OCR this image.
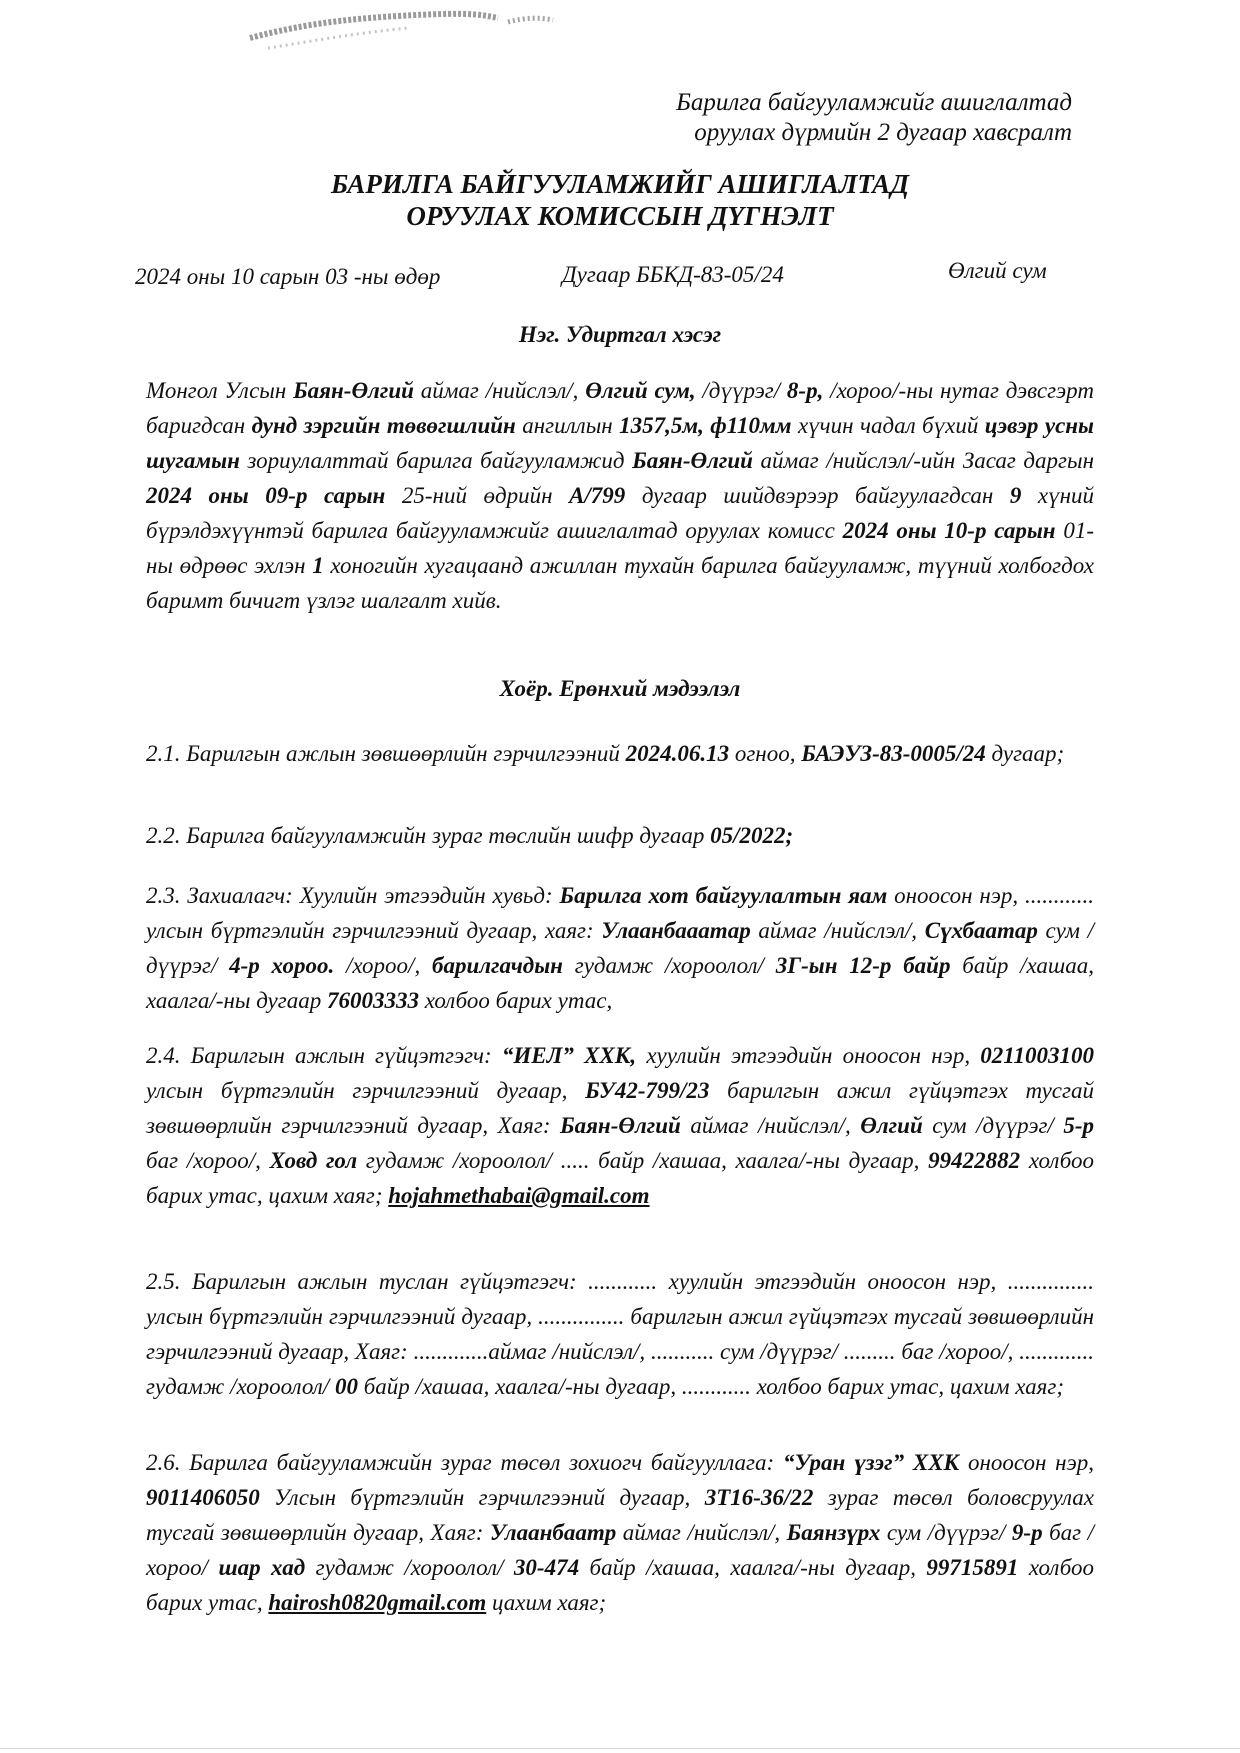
Барилга байгууламжийг ашиглалтад
оруулах дүрмийн 2 дугаар хавсралт
БАРИЛГА БАЙГУУЛАМЖИЙГ АШИГЛАЛТАД
ОРУУЛАХ КОМИССЫН ДҮГНЭЛТ
2024 оны 10 сарын 03 -ны өдөр	Дугаар ББКД-83-05/24	Өлгий сум
Нэг. Удиртгал хэсэг
Монгол Улсын Баян-Өлгий аймаг /нийслэл/, Өлгий сум, /дүүрэг/ 8-р, /хороо/-ны нутаг дэвсгэрт баригдсан дунд зэргийн төвөгшлийн ангиллын 1357,5м, ф110мм хүчин чадал бүхий цэвэр усны шугамын зориулалттай барилга байгууламжид Баян-Өлгий аймаг /нийслэл/-ийн Засаг даргын 2024 оны 09-р сарын 25-ний өдрийн А/799 дугаар шийдвэрээр байгуулагдсан 9 хүний бүрэлдэхүүнтэй барилга байгууламжийг ашиглалтад оруулах комисс 2024 оны 10-р сарын 01-ны өдрөөс эхлэн 1 хоногийн хугацаанд ажиллан тухайн барилга байгууламж, түүний холбогдох баримт бичигт үзлэг шалгалт хийв.
Хоёр. Ерөнхий мэдээлэл
2.1. Барилгын ажлын зөвшөөрлийн гэрчилгээний 2024.06.13 огноо, БАЭУЗ-83-0005/24 дугаар;
2.2. Барилга байгууламжийн зураг төслийн шифр дугаар 05/2022;
2.3. Захиалагч: Хуулийн этгээдийн хувьд: Барилга хот байгуулалтын яам оноосон нэр, ............ улсын бүртгэлийн гэрчилгээний дугаар, хаяг: Улаанбааатар аймаг /нийслэл/, Сүхбаатар сум /дүүрэг/ 4-р хороо. /хороо/, барилгачдын гудамж /хороолол/ 3Г-ын 12-р байр байр /хашаа, хаалга/-ны дугаар 76003333 холбоо барих утас,
2.4. Барилгын ажлын гүйцэтгэгч: “ИЕЛ” ХХК, хуулийн этгээдийн оноосон нэр, 0211003100 улсын бүртгэлийн гэрчилгээний дугаар, БУ42-799/23 барилгын ажил гүйцэтгэх тусгай зөвшөөрлийн гэрчилгээний дугаар, Хаяг: Баян-Өлгий аймаг /нийслэл/, Өлгий сум /дүүрэг/ 5-р баг /хороо/, Ховд гол гудамж /хороолол/ ..... байр /хашаа, хаалга/-ны дугаар, 99422882 холбоо барих утас, цахим хаяг; hojahmethabai@gmail.com
2.5. Барилгын ажлын туслан гүйцэтгэгч: ............ хуулийн этгээдийн оноосон нэр, ............... улсын бүртгэлийн гэрчилгээний дугаар, ............... барилгын ажил гүйцэтгэх тусгай зөвшөөрлийн гэрчилгээний дугаар, Хаяг: .............аймаг /нийслэл/, ........... сум /дүүрэг/ ......... баг /хороо/, ............. гудамж /хороолол/ 00 байр /хашаа, хаалга/-ны дугаар, ............ холбоо барих утас, цахим хаяг;
2.6. Барилга байгууламжийн зураг төсөл зохиогч байгууллага: “Уран үзэг” ХХК оноосон нэр, 9011406050 Улсын бүртгэлийн гэрчилгээний дугаар, 3Т16-36/22 зураг төсөл боловсруулах тусгай зөвшөөрлийн дугаар, Хаяг: Улаанбаатр аймаг /нийслэл/, Баянзүрх сум /дүүрэг/ 9-р баг /хороо/ шар хад гудамж /хороолол/ 30-474 байр /хашаа, хаалга/-ны дугаар, 99715891 холбоо барих утас, hairosh0820gmail.com цахим хаяг;
